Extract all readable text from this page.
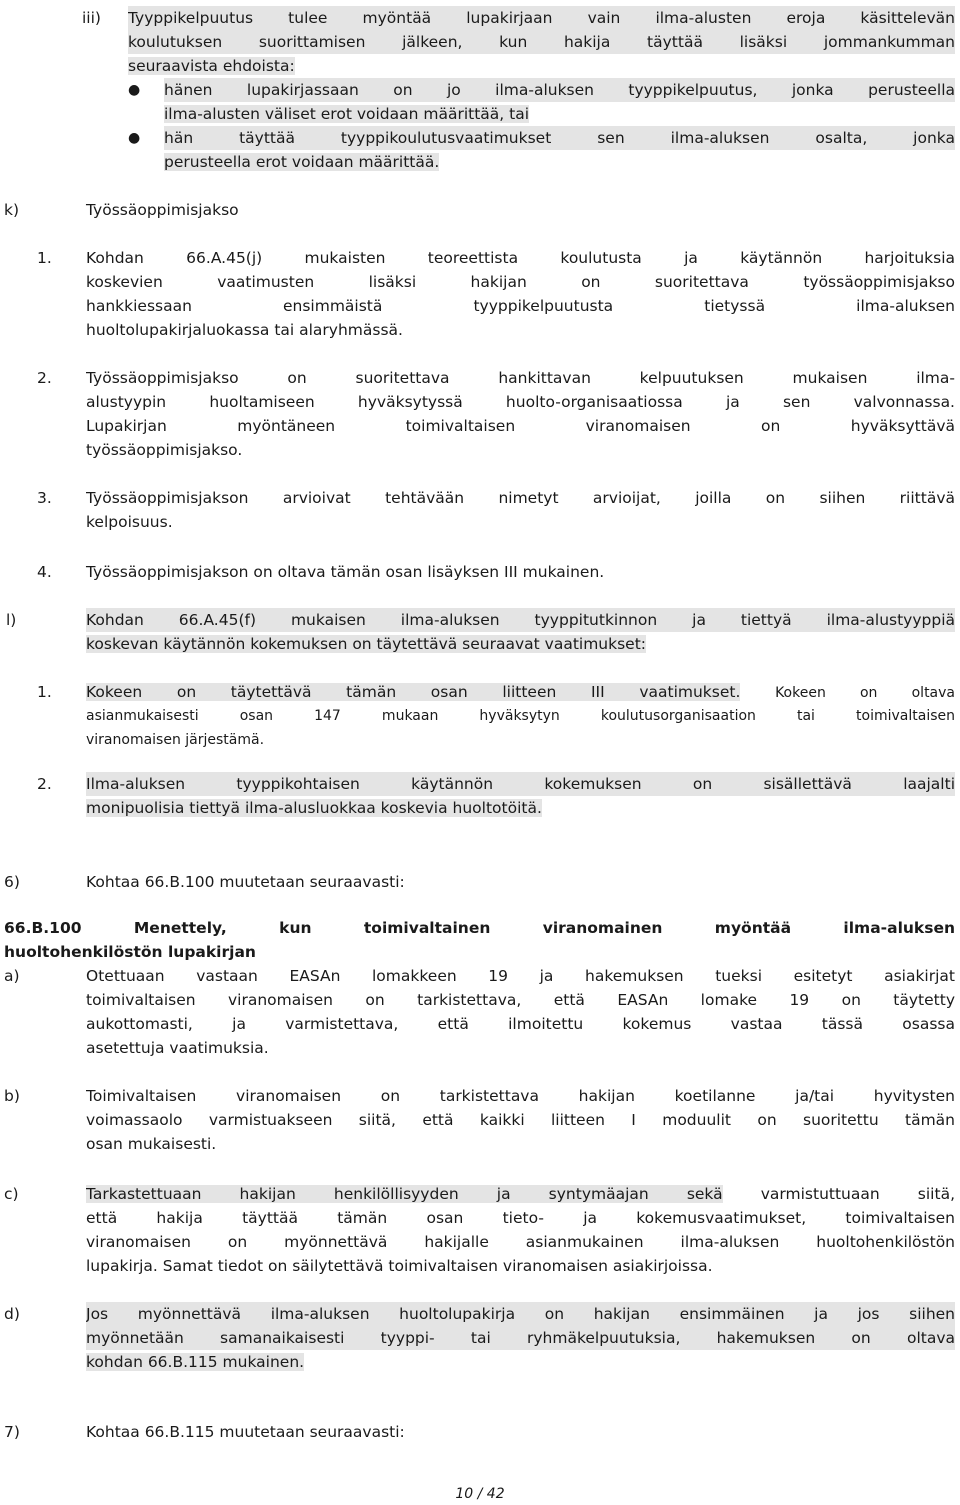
iii) Tyyppikelpuutus tulee myöntää lupakirjaan vain ilma-alusten eroja käsittelevän
koulutuksen suorittamisen jälkeen, kun hakija täyttää lisäksi jommankumman
seuraavista ehdoista:
● hänen lupakirjassaan on jo ilma-aluksen tyyppikelpuutus, jonka perusteella
ilma-alusten väliset erot voidaan määrittää, tai
● hän täyttää tyyppikoulutusvaatimukset sen ilma-aluksen osalta, jonka
perusteella erot voidaan määrittää.
k)	Työssäoppimisjakso
1. Kohdan 66.A.45(j) mukaisten teoreettista koulutusta ja käytännön harjoituksia
koskevien vaatimusten lisäksi hakijan on suoritettava työssäoppimisjakso
hankkiessaan ensimmäistä tyyppikelpuutusta tietyssä ilma-aluksen
huoltolupakirjaluokassa tai alaryhmässä.
2. Työssäoppimisjakso on suoritettava hankittavan kelpuutuksen mukaisen ilma-
alustyypin huoltamiseen hyväksytyssä huolto-organisaatiossa ja sen valvonnassa.
Lupakirjan myöntäneen toimivaltaisen viranomaisen on hyväksyttävä
työssäoppimisjakso.
3. Työssäoppimisjakson arvioivat tehtävään nimetyt arvioijat, joilla on siihen riittävä
kelpoisuus.
4. Työssäoppimisjakson on oltava tämän osan lisäyksen III mukainen.
l)	Kohdan 66.A.45(f) mukaisen ilma-aluksen tyyppitutkinnon ja tiettyä ilma-alustyyppiä
koskevan käytännön kokemuksen on täytettävä seuraavat vaatimukset:
1. Kokeen on täytettävä tämän osan liitteen III vaatimukset. Kokeen on oltava
asianmukaisesti osan 147 mukaan hyväksytyn koulutusorganisaation tai toimivaltaisen
viranomaisen järjestämä.
2. Ilma-aluksen tyyppikohtaisen käytännön kokemuksen on sisällettävä laajalti
monipuolisia tiettyä ilma-alusluokkaa koskevia huoltotöitä.
6)	Kohtaa 66.B.100 muutetaan seuraavasti:
66.B.100 Menettely, kun toimivaltainen viranomainen myöntää ilma-aluksen
huoltohenkilöstön lupakirjan
a)	Otettuaan vastaan EASAn lomakkeen 19 ja hakemuksen tueksi esitetyt asiakirjat
toimivaltaisen viranomaisen on tarkistettava, että EASAn lomake 19 on täytetty
aukottomasti, ja varmistettava, että ilmoitettu kokemus vastaa tässä osassa
asetettuja vaatimuksia.
b)	Toimivaltaisen viranomaisen on tarkistettava hakijan koetilanne ja/tai hyvitysten
voimassaolo varmistuakseen siitä, että kaikki liitteen I moduulit on suoritettu tämän
osan mukaisesti.
c)	Tarkastettuaan hakijan henkilöllisyyden ja syntymäajan sekä varmistuttuaan siitä,
että hakija täyttää tämän osan tieto- ja kokemusvaatimukset, toimivaltaisen
viranomaisen on myönnettävä hakijalle asianmukainen ilma-aluksen huoltohenkilöstön
lupakirja. Samat tiedot on säilytettävä toimivaltaisen viranomaisen asiakirjoissa.
d)	Jos myönnettävä ilma-aluksen huoltolupakirja on hakijan ensimmäinen ja jos siihen
myönnetään samanaikaisesti tyyppi- tai ryhmäkelpuutuksia, hakemuksen on oltava
kohdan 66.B.115 mukainen.
7)	Kohtaa 66.B.115 muutetaan seuraavasti:
10 / 42
